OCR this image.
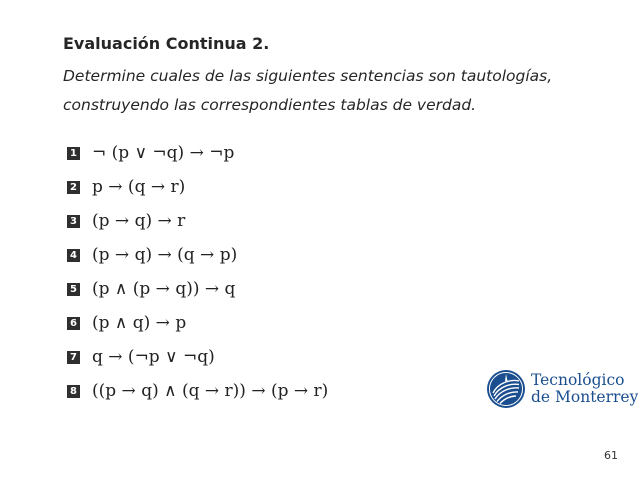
Evaluación Continua 2.
Determine cuales de las siguientes sentencias son tautologías, construyendo las correspondientes tablas de verdad.
1 ¬ (p ∨ ¬q) → ¬p
2 p → (q → r)
3 (p → q) → r
4 (p → q) → (q → p)
5 (p ∧ (p → q)) → q
6 (p ∧ q) → p
7 q → (¬p ∨ ¬q)
8 ((p → q) ∧ (q → r)) → (p → r)
Tecnológico
de Monterrey
61
